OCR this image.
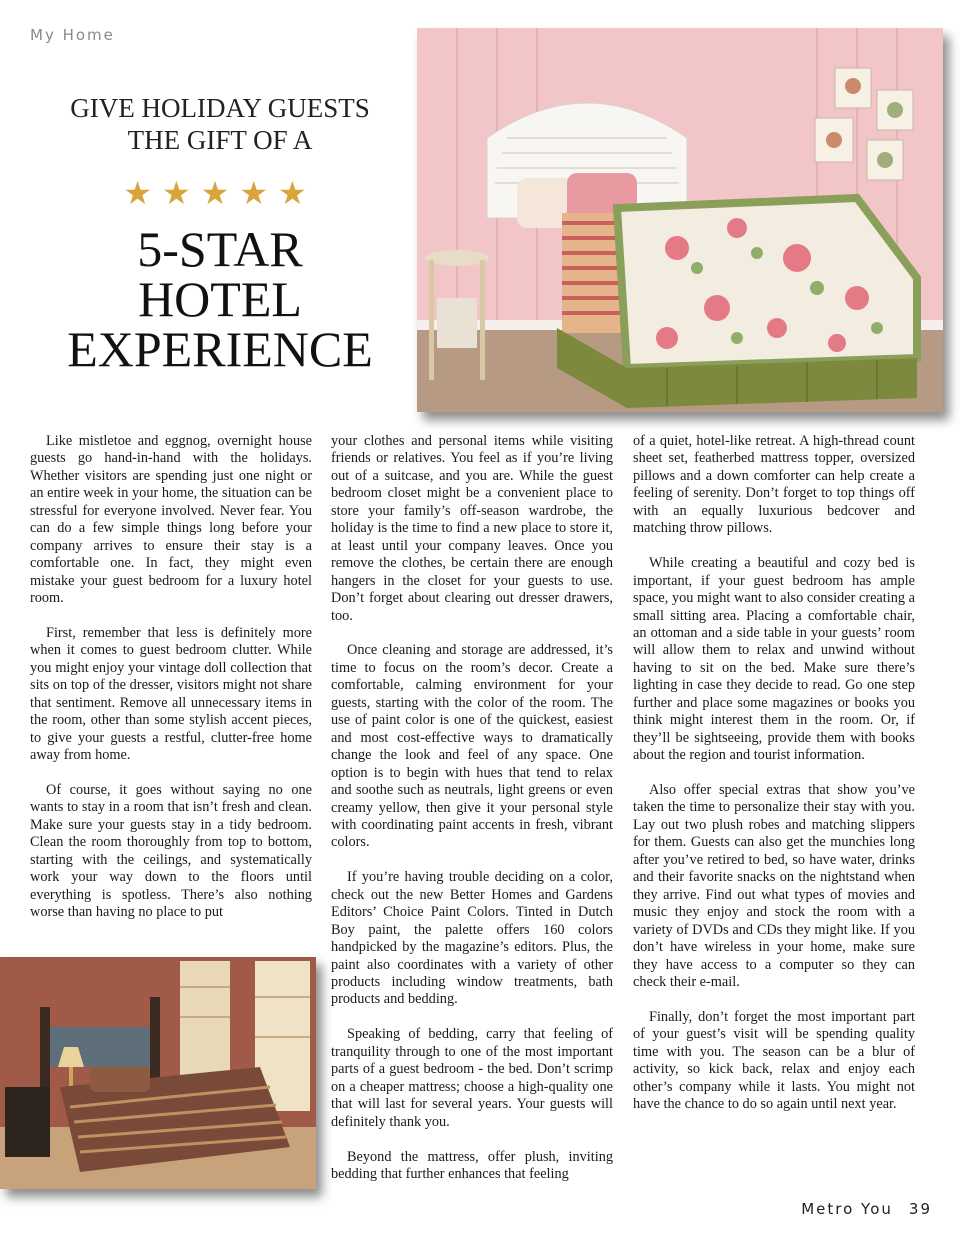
My Home
GIVE HOLIDAY GUESTS
THE GIFT OF A
★★★★★
5-STAR
HOTEL
EXPERIENCE

Like mistletoe and eggnog, overnight house guests go hand-in-hand with the holidays. Whether visitors are spending just one night or an entire week in your home, the situation can be stressful for everyone involved. Never fear. You can do a few simple things long before your company arrives to ensure their stay is a comfortable one. In fact, they might even mistake your guest bedroom for a luxury hotel room.

First, remember that less is definitely more when it comes to guest bedroom clutter. While you might enjoy your vintage doll collection that sits on top of the dresser, visitors might not share that sentiment. Remove all unnecessary items in the room, other than some stylish accent pieces, to give your guests a restful, clutter-free home away from home.

Of course, it goes without saying no one wants to stay in a room that isn’t fresh and clean. Make sure your guests stay in a tidy bedroom. Clean the room thoroughly from top to bottom, starting with the ceilings, and systematically work your way down to the floors until everything is spotless. There’s also nothing worse than having no place to put

your clothes and personal items while visiting friends or relatives. You feel as if you’re living out of a suitcase, and you are. While the guest bedroom closet might be a convenient place to store your family’s off-season wardrobe, the holiday is the time to find a new place to store it, at least until your company leaves. Once you remove the clothes, be certain there are enough hangers in the closet for your guests to use. Don’t forget about clearing out dresser drawers, too.

Once cleaning and storage are addressed, it’s time to focus on the room’s decor. Create a comfortable, calming environment for your guests, starting with the color of the room. The use of paint color is one of the quickest, easiest and most cost-effective ways to dramatically change the look and feel of any space. One option is to begin with hues that tend to relax and soothe such as neutrals, light greens or even creamy yellow, then give it your personal style with coordinating paint accents in fresh, vibrant colors.

If you’re having trouble deciding on a color, check out the new Better Homes and Gardens Editors’ Choice Paint Colors. Tinted in Dutch Boy paint, the palette offers 160 colors handpicked by the magazine’s editors. Plus, the paint also coordinates with a variety of other products including window treatments, bath products and bedding.

Speaking of bedding, carry that feeling of tranquility through to one of the most important parts of a guest bedroom - the bed. Don’t scrimp on a cheaper mattress; choose a high-quality one that will last for several years. Your guests will definitely thank you.

Beyond the mattress, offer plush, inviting bedding that further enhances that feeling

of a quiet, hotel-like retreat. A high-thread count sheet set, featherbed mattress topper, oversized pillows and a down comforter can help create a feeling of serenity. Don’t forget to top things off with an equally luxurious bedcover and matching throw pillows.

While creating a beautiful and cozy bed is important, if your guest bedroom has ample space, you might want to also consider creating a small sitting area. Placing a comfortable chair, an ottoman and a side table in your guests’ room will allow them to relax and unwind without having to sit on the bed. Make sure there’s lighting in case they decide to read. Go one step further and place some magazines or books you think might interest them in the room. Or, if they’ll be sightseeing, provide them with books about the region and tourist information.

Also offer special extras that show you’ve taken the time to personalize their stay with you. Lay out two plush robes and matching slippers for them. Guests can also get the munchies long after you’ve retired to bed, so have water, drinks and their favorite snacks on the nightstand when they arrive. Find out what types of movies and music they enjoy and stock the room with a variety of DVDs and CDs they might like. If you don’t have wireless in your home, make sure they have access to a computer so they can check their e-mail.

Finally, don’t forget the most important part of your guest’s visit will be spending quality time with you. The season can be a blur of activity, so kick back, relax and enjoy each other’s company while it lasts. You might not have the chance to do so again until next year.

Metro You 39
